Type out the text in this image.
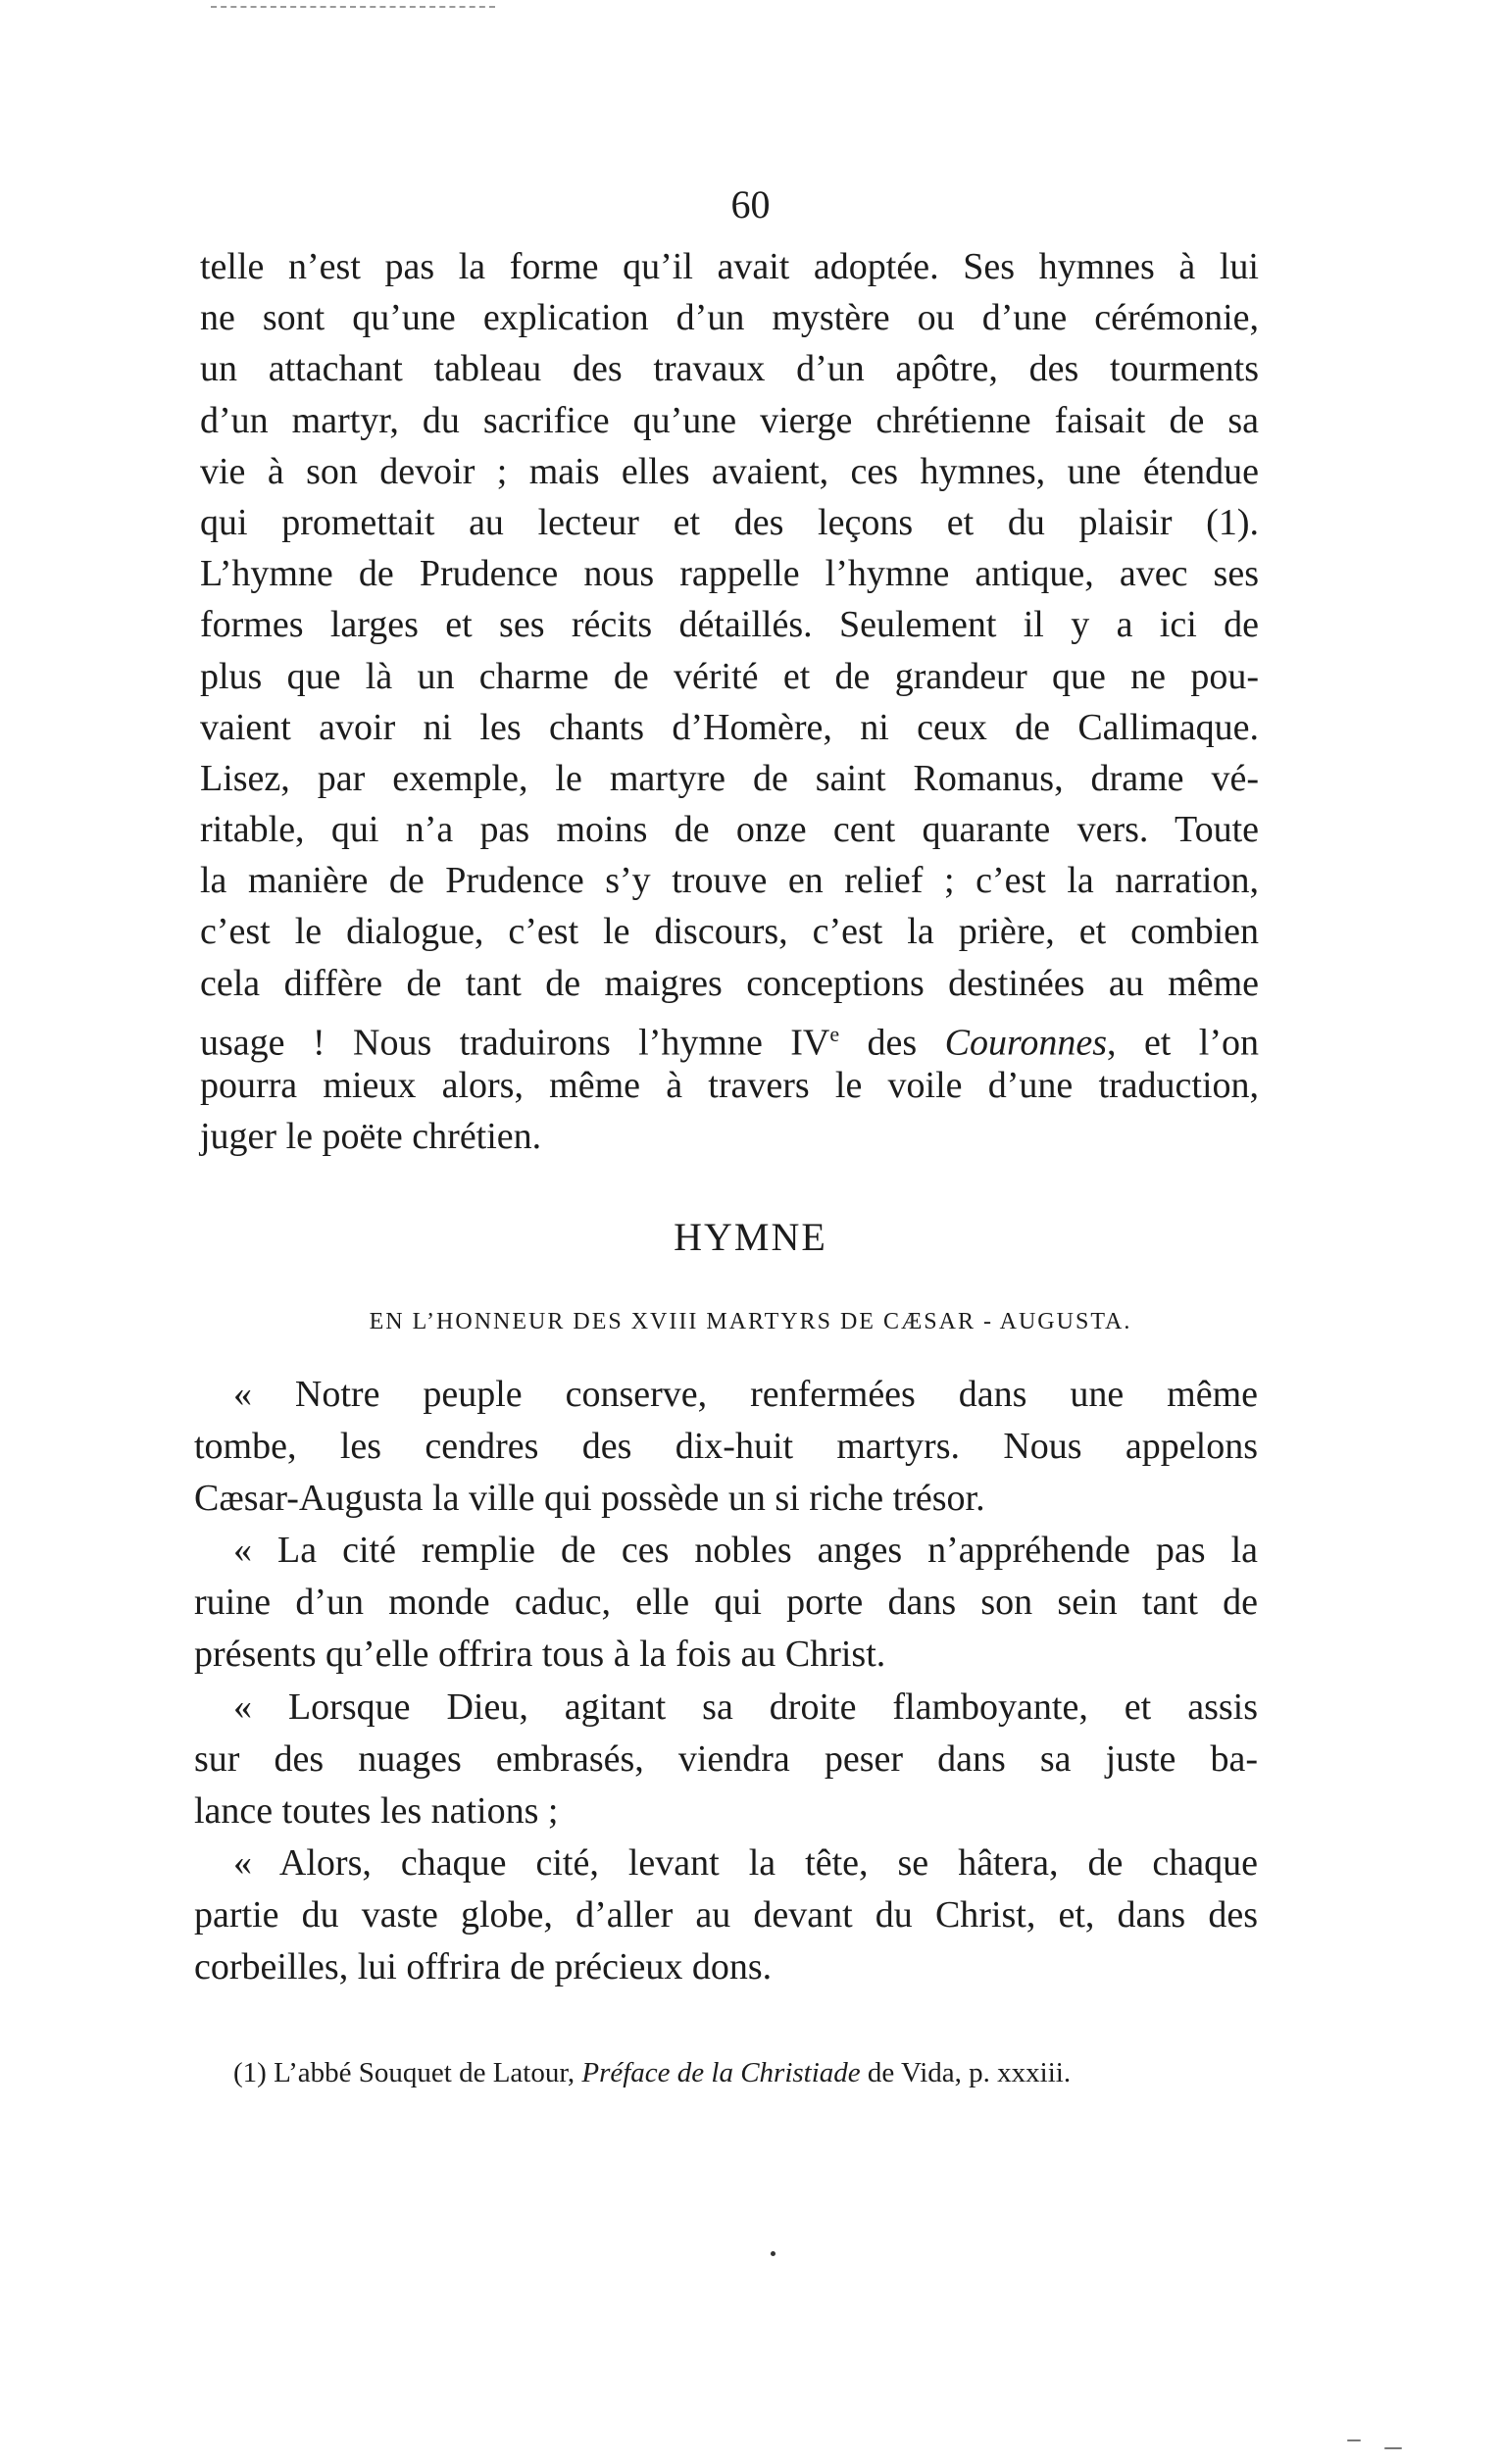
60
telle n’est pas la forme qu’il avait adoptée. Ses hymnes à lui
ne sont qu’une explication d’un mystère ou d’une cérémonie,
un attachant tableau des travaux d’un apôtre, des tourments
d’un martyr, du sacrifice qu’une vierge chrétienne faisait de sa
vie à son devoir ; mais elles avaient, ces hymnes, une étendue
qui promettait au lecteur et des leçons et du plaisir (1).
L’hymne de Prudence nous rappelle l’hymne antique, avec ses
formes larges et ses récits détaillés. Seulement il y a ici de
plus que là un charme de vérité et de grandeur que ne pou-
vaient avoir ni les chants d’Homère, ni ceux de Callimaque.
Lisez, par exemple, le martyre de saint Romanus, drame vé-
ritable, qui n’a pas moins de onze cent quarante vers. Toute
la manière de Prudence s’y trouve en relief ; c’est la narration,
c’est le dialogue, c’est le discours, c’est la prière, et combien
cela diffère de tant de maigres conceptions destinées au même
usage ! Nous traduirons l’hymne IVe des Couronnes, et l’on
pourra mieux alors, même à travers le voile d’une traduction,
juger le poëte chrétien.
HYMNE
EN L’HONNEUR DES XVIII MARTYRS DE CÆSAR - AUGUSTA.
« Notre peuple conserve, renfermées dans une même
tombe, les cendres des dix-huit martyrs. Nous appelons
Cæsar-Augusta la ville qui possède un si riche trésor.
« La cité remplie de ces nobles anges n’appréhende pas la
ruine d’un monde caduc, elle qui porte dans son sein tant de
présents qu’elle offrira tous à la fois au Christ.
« Lorsque Dieu, agitant sa droite flamboyante, et assis
sur des nuages embrasés, viendra peser dans sa juste ba-
lance toutes les nations ;
« Alors, chaque cité, levant la tête, se hâtera, de chaque
partie du vaste globe, d’aller au devant du Christ, et, dans des
corbeilles, lui offrira de précieux dons.
(1) L’abbé Souquet de Latour, Préface de la Christiade de Vida, p. xxxiii.
